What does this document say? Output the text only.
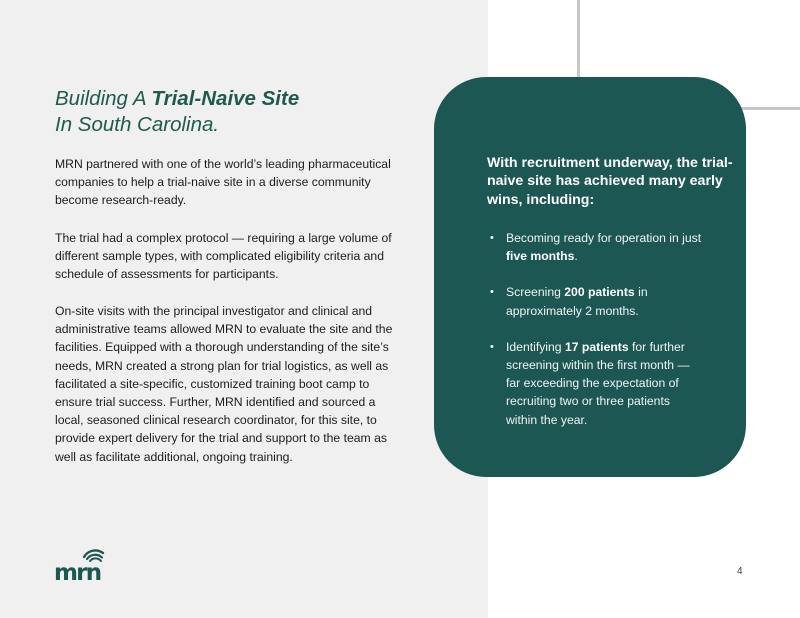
Building A Trial-Naive Site
In South Carolina.

MRN partnered with one of the world’s leading pharmaceutical companies to help a trial-naive site in a diverse community become research-ready.

The trial had a complex protocol — requiring a large volume of different sample types, with complicated eligibility criteria and schedule of assessments for participants.

On-site visits with the principal investigator and clinical and administrative teams allowed MRN to evaluate the site and the facilities. Equipped with a thorough understanding of the site’s needs, MRN created a strong plan for trial logistics, as well as facilitated a site-specific, customized training boot camp to ensure trial success. Further, MRN identified and sourced a local, seasoned clinical research coordinator, for this site, to provide expert delivery for the trial and support to the team as well as facilitate additional, ongoing training.

With recruitment underway, the trial-naive site has achieved many early wins, including:

• Becoming ready for operation in just five months.
• Screening 200 patients in approximately 2 months.
• Identifying 17 patients for further screening within the first month — far exceeding the expectation of recruiting two or three patients within the year.
mrn	4
